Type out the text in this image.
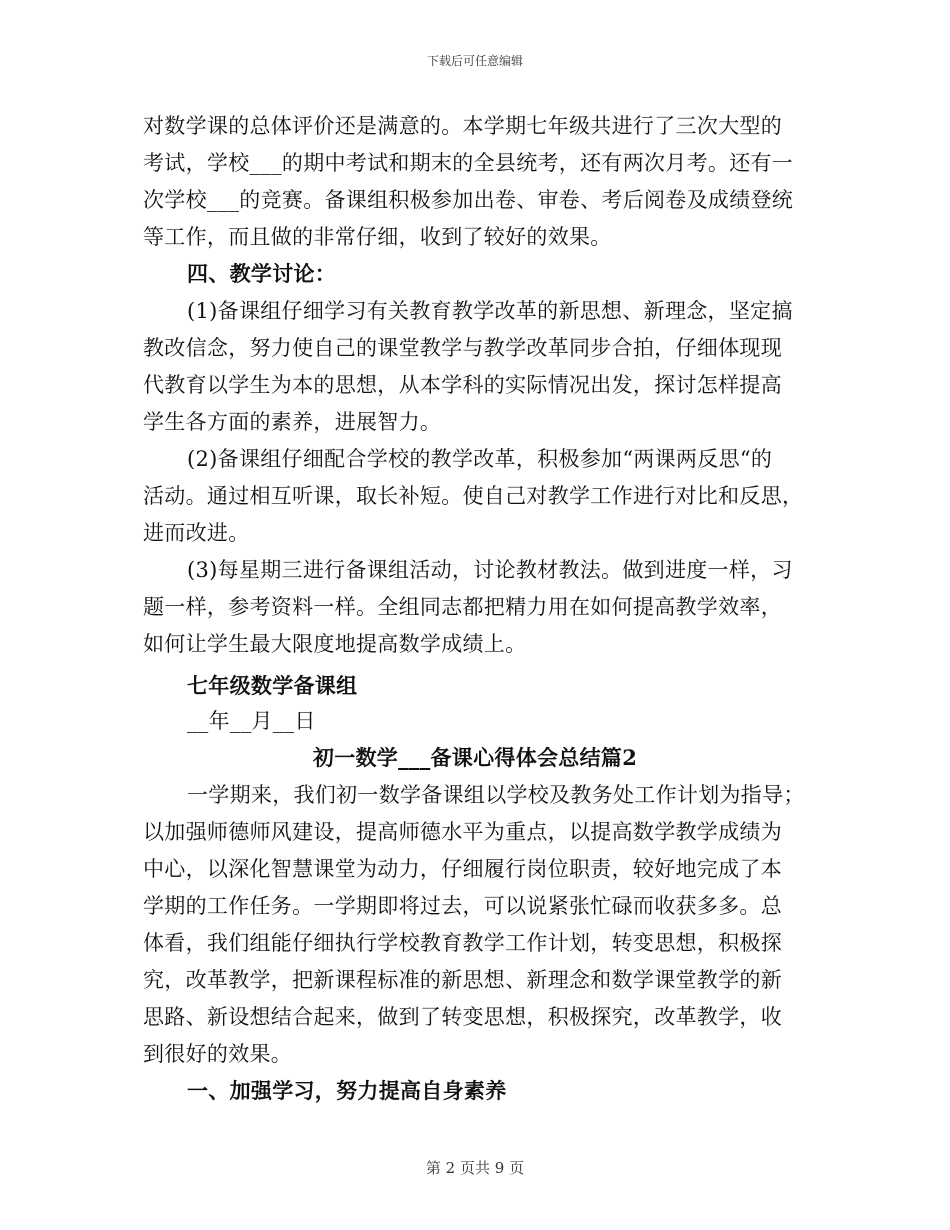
下载后可任意编辑
对数学课的总体评价还是满意的。本学期七年级共进行了三次大型的
考试，学校___的期中考试和期末的全县统考，还有两次月考。还有一
次学校___的竞赛。备课组积极参加出卷、审卷、考后阅卷及成绩登统
等工作，而且做的非常仔细，收到了较好的效果。
四、教学讨论：
(1)备课组仔细学习有关教育教学改革的新思想、新理念，坚定搞
教改信念，努力使自己的课堂教学与教学改革同步合拍，仔细体现现
代教育以学生为本的思想，从本学科的实际情况出发，探讨怎样提高
学生各方面的素养，进展智力。
(2)备课组仔细配合学校的教学改革，积极参加“两课两反思“的
活动。通过相互听课，取长补短。使自己对教学工作进行对比和反思，
进而改进。
(3)每星期三进行备课组活动，讨论教材教法。做到进度一样，习
题一样，参考资料一样。全组同志都把精力用在如何提高教学效率，
如何让学生最大限度地提高数学成绩上。
七年级数学备课组
__年__月__日
初一数学___备课心得体会总结篇2
一学期来，我们初一数学备课组以学校及教务处工作计划为指导；
以加强师德师风建设，提高师德水平为重点，以提高数学教学成绩为
中心，以深化智慧课堂为动力，仔细履行岗位职责，较好地完成了本
学期的工作任务。一学期即将过去，可以说紧张忙碌而收获多多。总
体看，我们组能仔细执行学校教育教学工作计划，转变思想，积极探
究，改革教学，把新课程标准的新思想、新理念和数学课堂教学的新
思路、新设想结合起来，做到了转变思想，积极探究，改革教学，收
到很好的效果。
一、加强学习，努力提高自身素养
第 2 页共 9 页
